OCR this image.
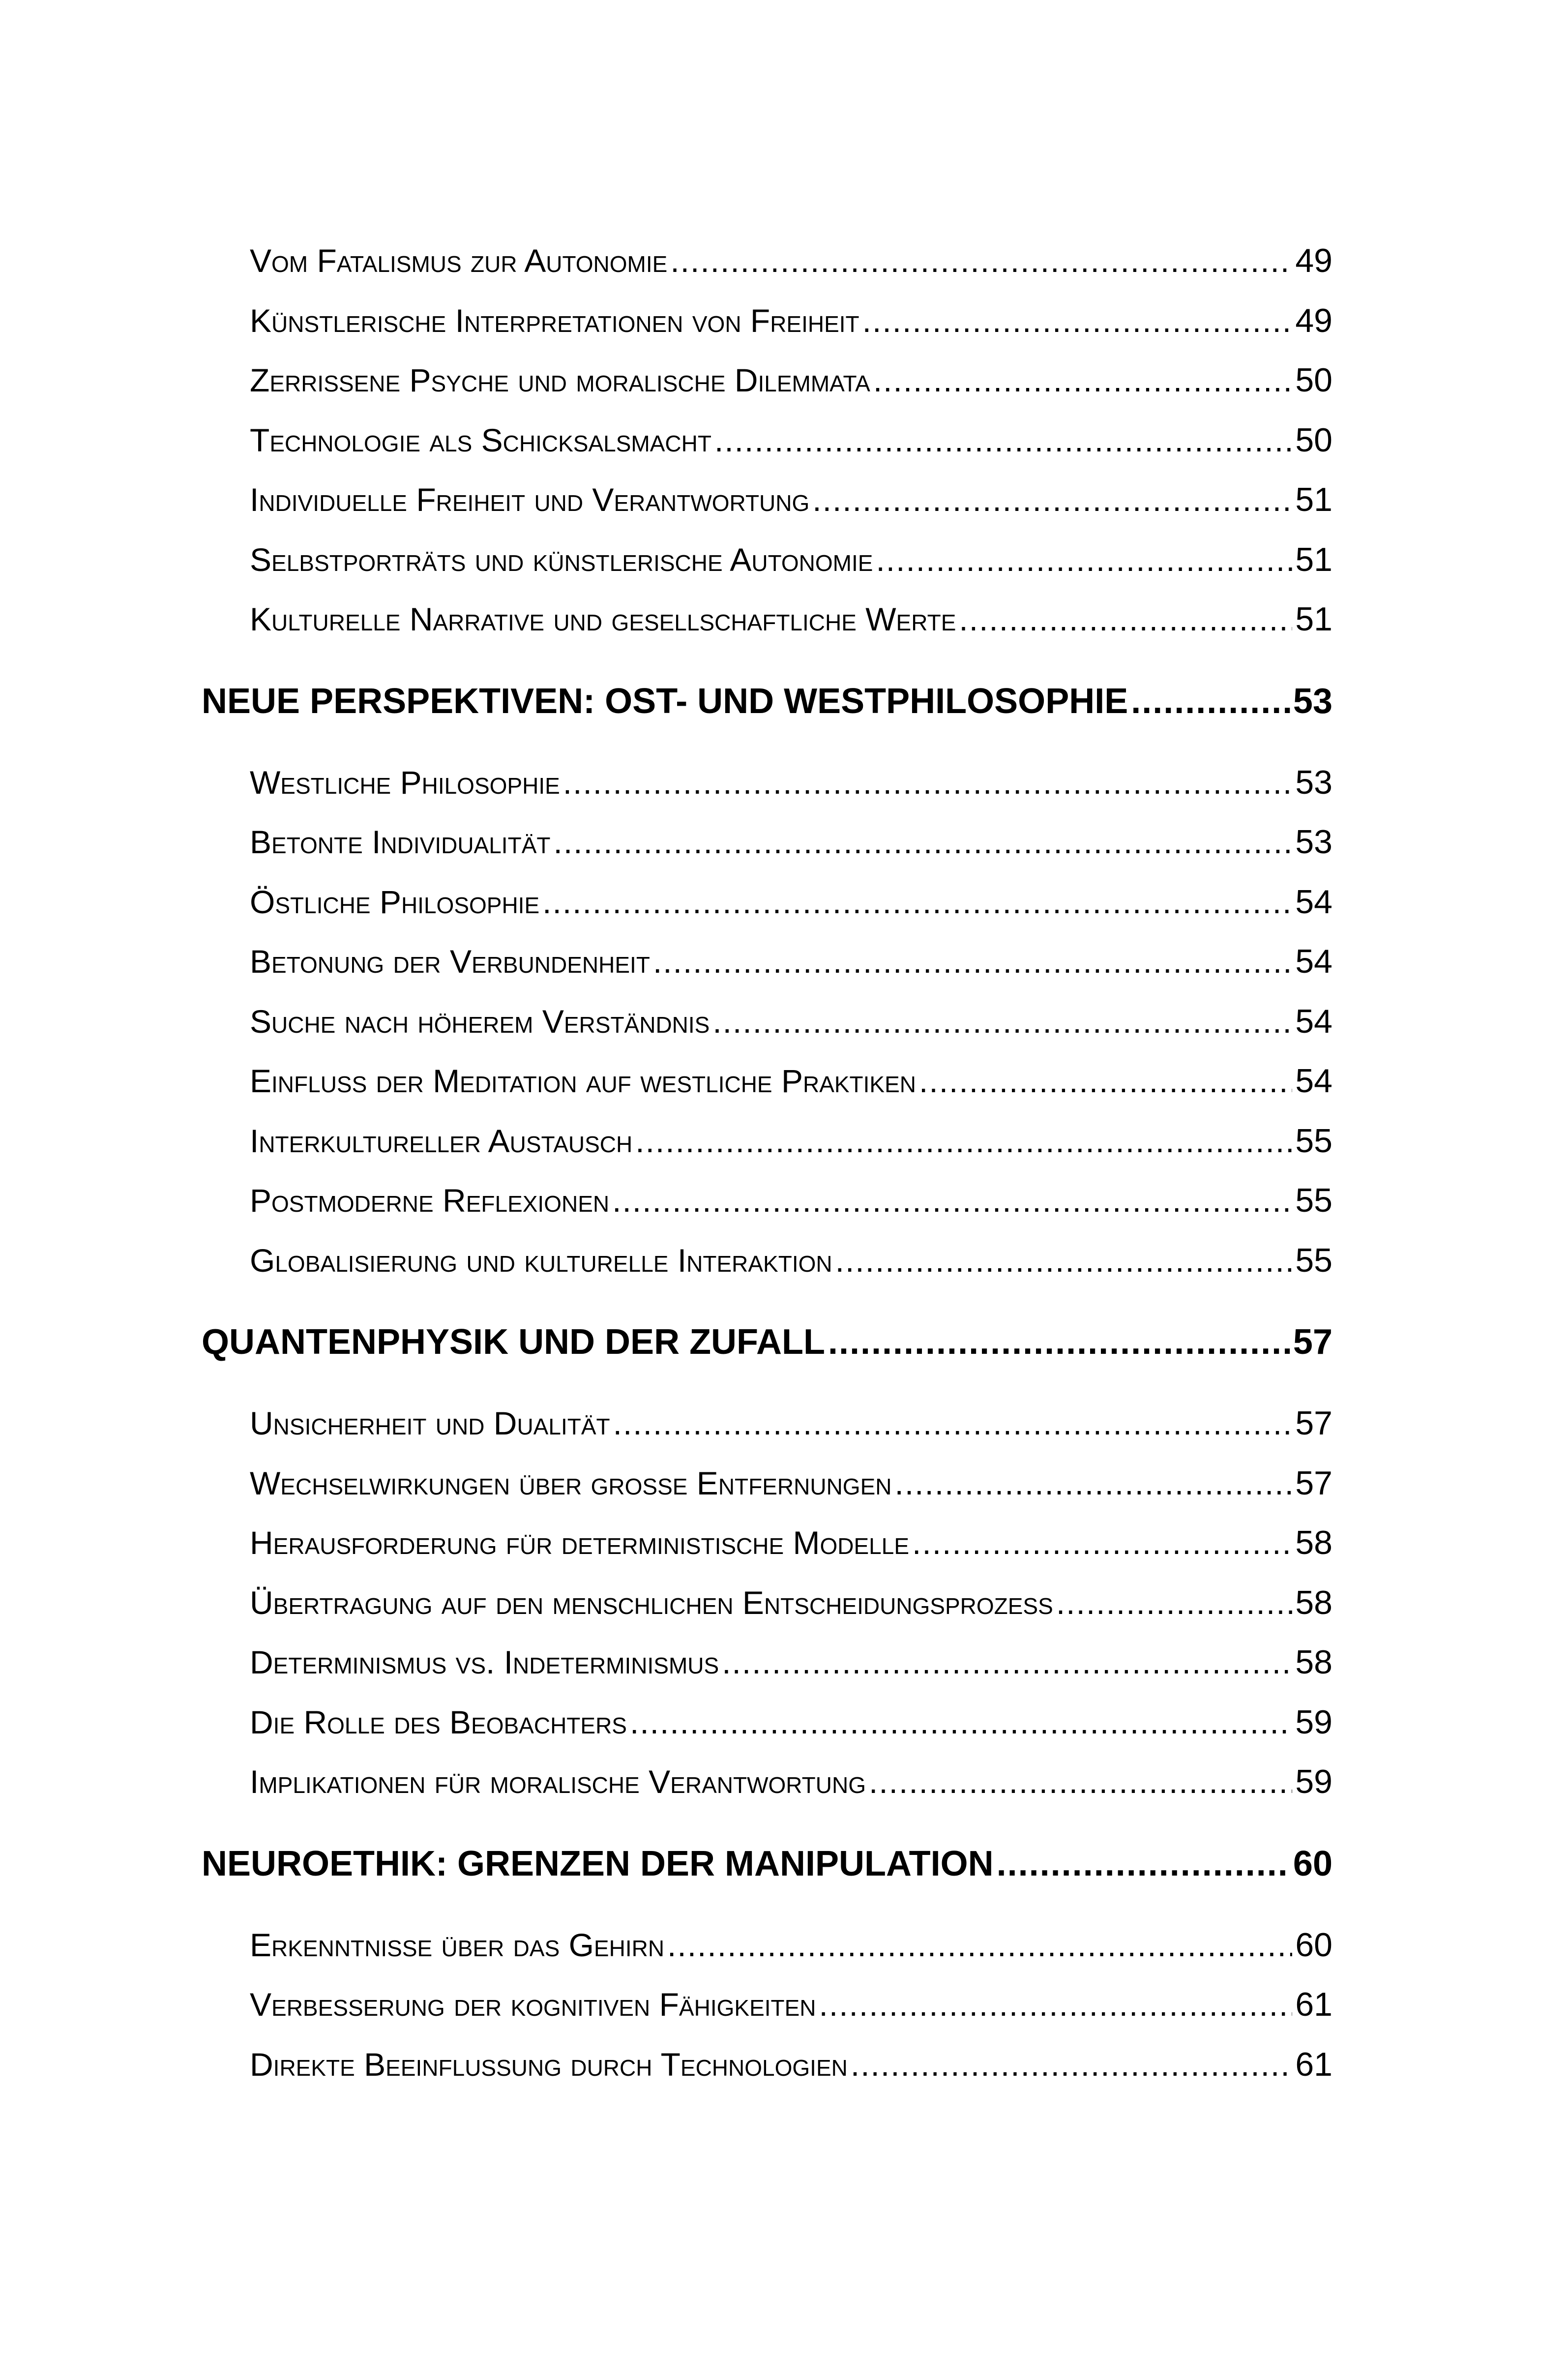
Vom Fatalismus zur Autonomie .....	49
Künstlerische Interpretationen von Freiheit .....	49
Zerrissene Psyche und moralische Dilemmata .....	50
Technologie als Schicksalsmacht .....	50
Individuelle Freiheit und Verantwortung .....	51
Selbstporträts und künstlerische Autonomie .....	51
Kulturelle Narrative und gesellschaftliche Werte .....	51
NEUE PERSPEKTIVEN: OST- UND WESTPHILOSOPHIE .....	53
Westliche Philosophie .....	53
Betonte Individualität .....	53
Östliche Philosophie .....	54
Betonung der Verbundenheit .....	54
Suche nach höherem Verständnis .....	54
Einfluss der Meditation auf westliche Praktiken .....	54
Interkultureller Austausch .....	55
Postmoderne Reflexionen .....	55
Globalisierung und kulturelle Interaktion .....	55
QUANTENPHYSIK UND DER ZUFALL .....	57
Unsicherheit und Dualität .....	57
Wechselwirkungen über große Entfernungen .....	57
Herausforderung für deterministische Modelle .....	58
Übertragung auf den menschlichen Entscheidungsprozess .....	58
Determinismus vs. Indeterminismus .....	58
Die Rolle des Beobachters .....	59
Implikationen für moralische Verantwortung .....	59
NEUROETHIK: GRENZEN DER MANIPULATION .....	60
Erkenntnisse über das Gehirn .....	60
Verbesserung der kognitiven Fähigkeiten .....	61
Direkte Beeinflussung durch Technologien .....	61
